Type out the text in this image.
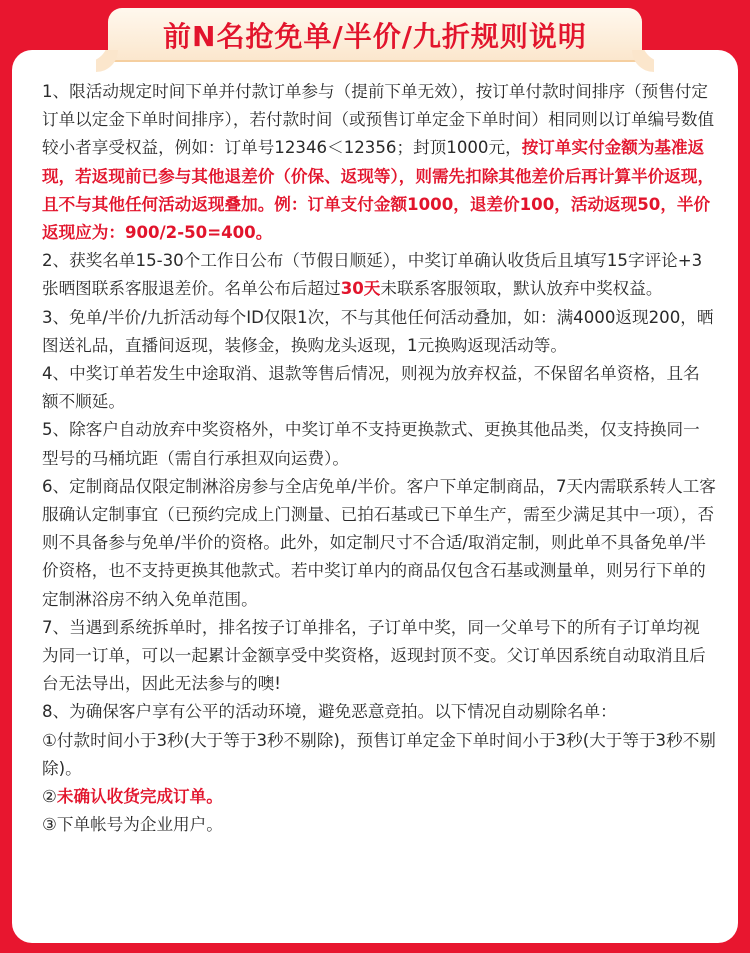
前N名抢免单/半价/九折规则说明

1、限活动规定时间下单并付款订单参与（提前下单无效），按订单付款时间排序（预售付定订单以定金下单时间排序），若付款时间（或预售订单定金下单时间）相同则以订单编号数值较小者享受权益，例如：订单号12346＜12356；封顶1000元，按订单实付金额为基准返现，若返现前已参与其他退差价（价保、返现等），则需先扣除其他差价后再计算半价返现，且不与其他任何活动返现叠加。例：订单支付金额1000，退差价100，活动返现50，半价返现应为：900/2-50=400。

2、获奖名单15-30个工作日公布（节假日顺延），中奖订单确认收货后且填写15字评论+3张晒图联系客服退差价。名单公布后超过30天未联系客服领取，默认放弃中奖权益。

3、免单/半价/九折活动每个ID仅限1次，不与其他任何活动叠加，如：满4000返现200，晒图送礼品，直播间返现，装修金，换购龙头返现，1元换购返现活动等。

4、中奖订单若发生中途取消、退款等售后情况，则视为放弃权益，不保留名单资格，且名额不顺延。

5、除客户自动放弃中奖资格外，中奖订单不支持更换款式、更换其他品类，仅支持换同一型号的马桶坑距（需自行承担双向运费）。

6、定制商品仅限定制淋浴房参与全店免单/半价。客户下单定制商品，7天内需联系转人工客服确认定制事宜（已预约完成上门测量、已拍石基或已下单生产，需至少满足其中一项），否则不具备参与免单/半价的资格。此外，如定制尺寸不合适/取消定制，则此单不具备免单/半价资格，也不支持更换其他款式。若中奖订单内的商品仅包含石基或测量单，则另行下单的定制淋浴房不纳入免单范围。

7、当遇到系统拆单时，排名按子订单排名，子订单中奖，同一父单号下的所有子订单均视为同一订单，可以一起累计金额享受中奖资格，返现封顶不变。父订单因系统自动取消且后台无法导出，因此无法参与的噢!

8、为确保客户享有公平的活动环境，避免恶意竞拍。以下情况自动剔除名单：

①付款时间小于3秒(大于等于3秒不剔除)，预售订单定金下单时间小于3秒(大于等于3秒不剔除)。

②未确认收货完成订单。

③下单帐号为企业用户。
